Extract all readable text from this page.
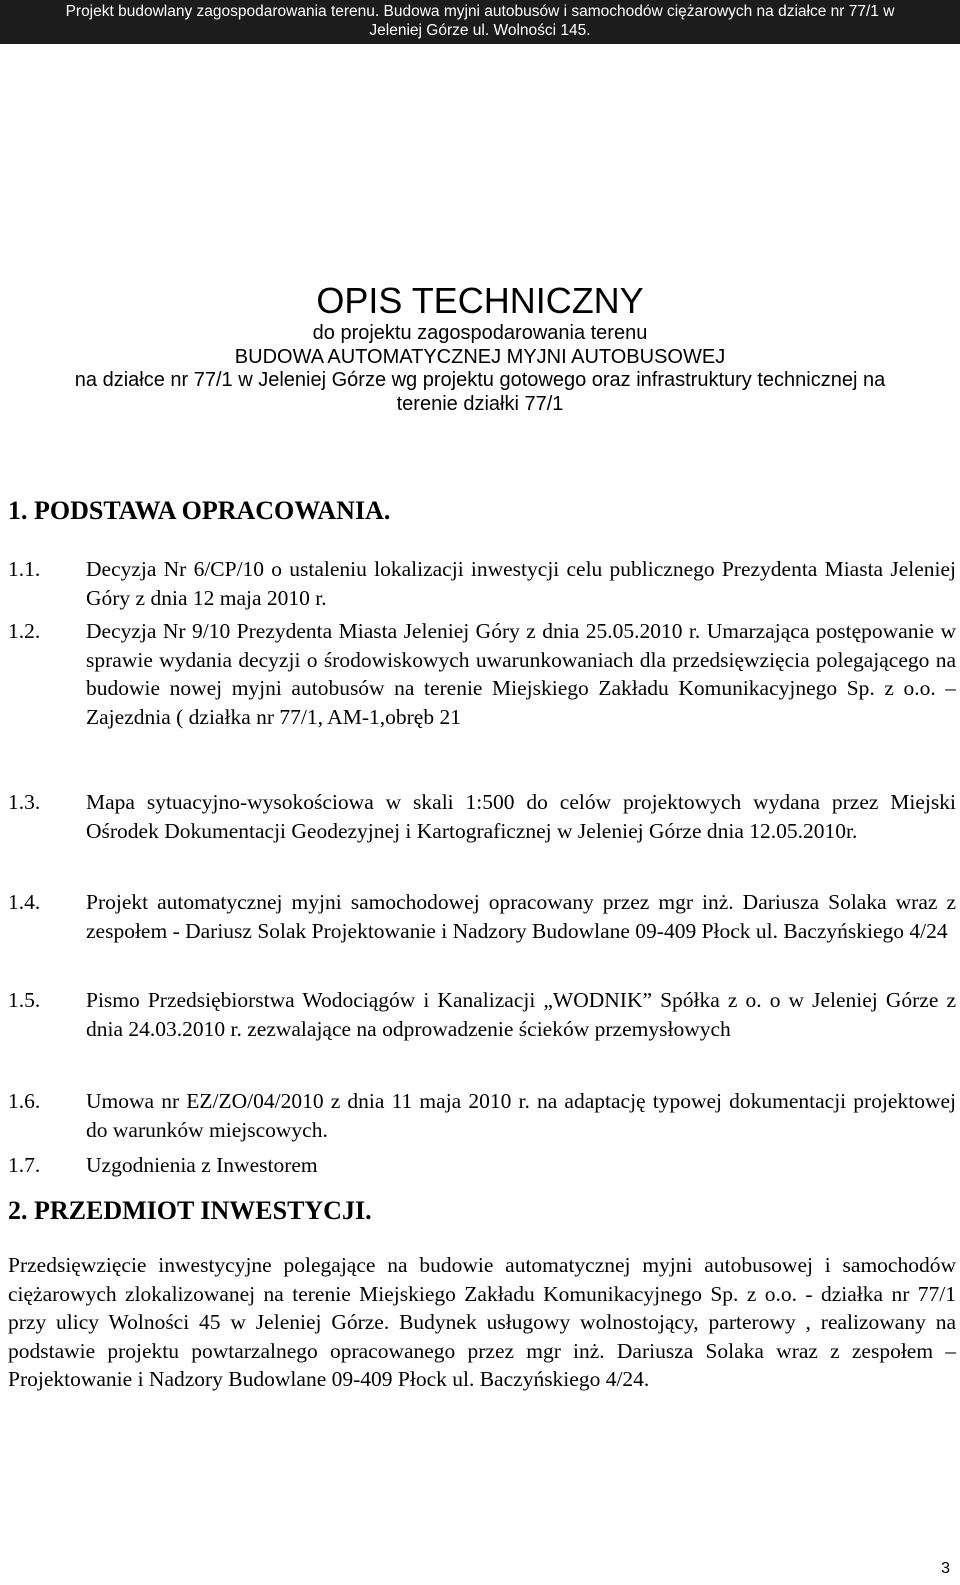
Projekt budowlany zagospodarowania terenu. Budowa myjni autobusów i samochodów ciężarowych na działce nr 77/1 w
Jeleniej Górze ul. Wolności 145.
OPIS TECHNICZNY
do projektu zagospodarowania terenu
BUDOWA AUTOMATYCZNEJ MYJNI AUTOBUSOWEJ
na działce nr 77/1 w Jeleniej Górze wg projektu gotowego oraz infrastruktury technicznej na
terenie działki 77/1
1. PODSTAWA OPRACOWANIA.
1.1.	Decyzja Nr 6/CP/10 o ustaleniu lokalizacji inwestycji celu publicznego Prezydenta Miasta Jeleniej Góry z dnia 12 maja 2010 r.
1.2.	Decyzja Nr 9/10 Prezydenta Miasta Jeleniej Góry z dnia 25.05.2010 r. Umarzająca postępowanie w sprawie wydania decyzji o środowiskowych uwarunkowaniach dla przedsięwzięcia polegającego na budowie nowej myjni autobusów na terenie Miejskiego Zakładu Komunikacyjnego Sp. z o.o. – Zajezdnia ( działka nr 77/1, AM-1,obręb 21
1.3.	Mapa sytuacyjno-wysokościowa w skali 1:500 do celów projektowych wydana przez Miejski Ośrodek Dokumentacji Geodezyjnej i Kartograficznej w Jeleniej Górze dnia 12.05.2010r.
1.4.	Projekt automatycznej myjni samochodowej opracowany przez mgr inż. Dariusza Solaka wraz z zespołem - Dariusz Solak Projektowanie i Nadzory Budowlane 09-409 Płock ul. Baczyńskiego 4/24
1.5.	Pismo Przedsiębiorstwa Wodociągów i Kanalizacji „WODNIK” Spółka z o. o w Jeleniej Górze z dnia 24.03.2010 r. zezwalające na odprowadzenie ścieków przemysłowych
1.6.	Umowa nr EZ/ZO/04/2010 z dnia 11 maja 2010 r. na adaptację typowej dokumentacji projektowej do warunków miejscowych.
1.7.	Uzgodnienia z Inwestorem
2. PRZEDMIOT INWESTYCJI.
Przedsięwzięcie inwestycyjne polegające na budowie automatycznej myjni autobusowej i samochodów ciężarowych zlokalizowanej na terenie Miejskiego Zakładu Komunikacyjnego Sp. z o.o. - działka nr 77/1 przy ulicy Wolności 45 w Jeleniej Górze. Budynek usługowy wolnostojący, parterowy , realizowany na podstawie projektu powtarzalnego opracowanego przez mgr inż. Dariusza Solaka wraz z zespołem – Projektowanie i Nadzory Budowlane 09-409 Płock ul. Baczyńskiego 4/24.
3
